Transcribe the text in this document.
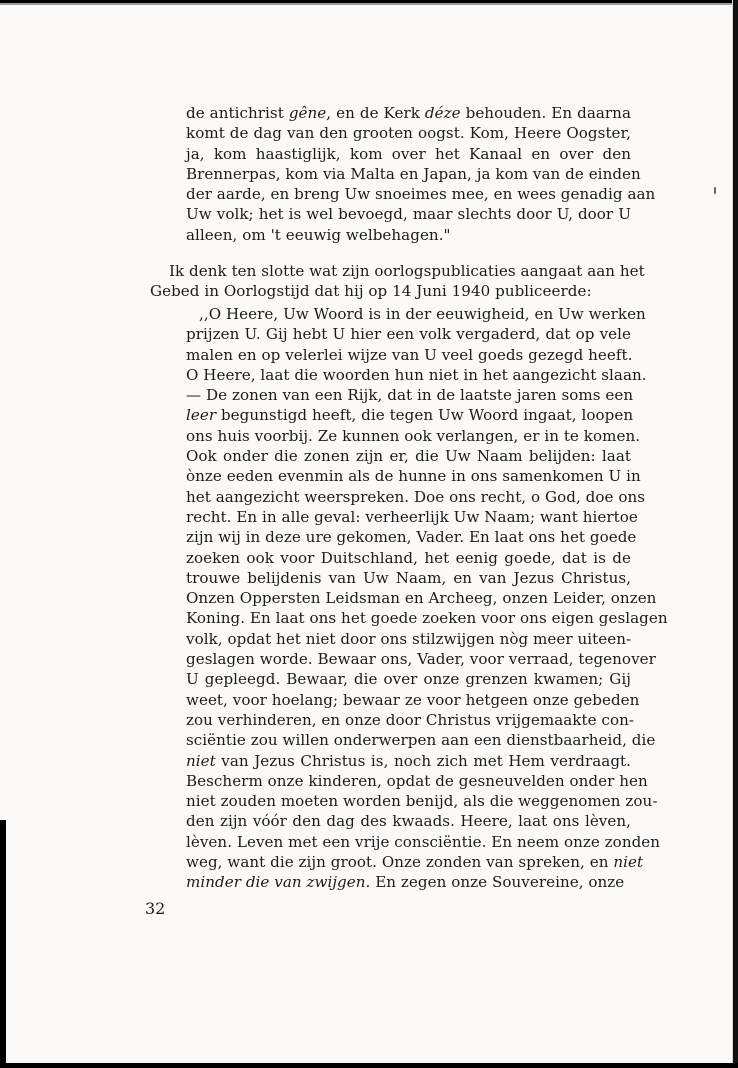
de antichrist gêne, en de Kerk déze behouden. En daarna
komt de dag van den grooten oogst. Kom, Heere Oogster,
ja, kom haastiglijk, kom over het Kanaal en over den
Brennerpas, kom via Malta en Japan, ja kom van de einden
der aarde, en breng Uw snoeimes mee, en wees genadig aan
Uw volk; het is wel bevoegd, maar slechts door U, door U
alleen, om 't eeuwig welbehagen."
Ik denk ten slotte wat zijn oorlogspublicaties aangaat aan het
Gebed in Oorlogstijd dat hij op 14 Juni 1940 publiceerde:
,,O Heere, Uw Woord is in der eeuwigheid, en Uw werken
prijzen U. Gij hebt U hier een volk vergaderd, dat op vele
malen en op velerlei wijze van U veel goeds gezegd heeft.
O Heere, laat die woorden hun niet in het aangezicht slaan.
— De zonen van een Rijk, dat in de laatste jaren soms een
leer begunstigd heeft, die tegen Uw Woord ingaat, loopen
ons huis voorbij. Ze kunnen ook verlangen, er in te komen.
Ook onder die zonen zijn er, die Uw Naam belijden: laat
ònze eeden evenmin als de hunne in ons samenkomen U in
het aangezicht weerspreken. Doe ons recht, o God, doe ons
recht. En in alle geval: verheerlijk Uw Naam; want hiertoe
zijn wij in deze ure gekomen, Vader. En laat ons het goede
zoeken ook voor Duitschland, het eenig goede, dat is de
trouwe belijdenis van Uw Naam, en van Jezus Christus,
Onzen Oppersten Leidsman en Archeeg, onzen Leider, onzen
Koning. En laat ons het goede zoeken voor ons eigen geslagen
volk, opdat het niet door ons stilzwijgen nòg meer uiteen-
geslagen worde. Bewaar ons, Vader, voor verraad, tegenover
U gepleegd. Bewaar, die over onze grenzen kwamen; Gij
weet, voor hoelang; bewaar ze voor hetgeen onze gebeden
zou verhinderen, en onze door Christus vrijgemaakte con-
sciëntie zou willen onderwerpen aan een dienstbaarheid, die
niet van Jezus Christus is, noch zich met Hem verdraagt.
Bescherm onze kinderen, opdat de gesneuvelden onder hen
niet zouden moeten worden benijd, als die weggenomen zou-
den zijn vóór den dag des kwaads. Heere, laat ons lèven,
lèven. Leven met een vrije consciëntie. En neem onze zonden
weg, want die zijn groot. Onze zonden van spreken, en niet
minder die van zwijgen. En zegen onze Souvereine, onze
32
